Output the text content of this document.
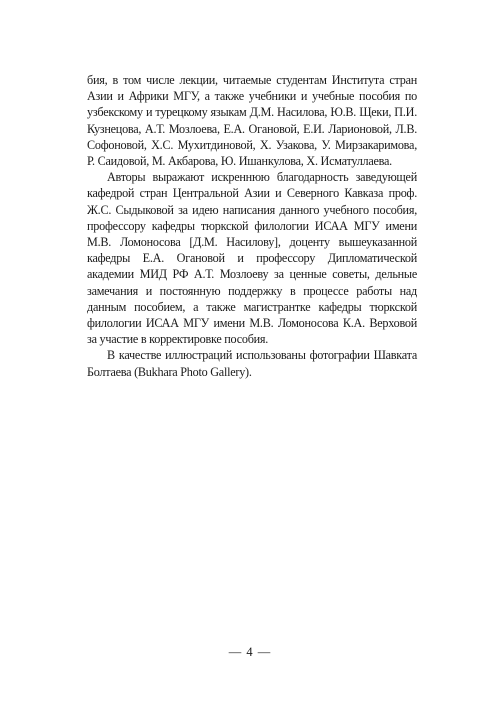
бия, в том числе лекции, читаемые студентам Института стран Азии и Африки МГУ, а также учебники и учебные пособия по узбекскому и турецкому языкам Д.М. Насилова, Ю.В. Щеки, П.И. Кузнецова, А.Т. Мозлоева, Е.А. Огановой, Е.И. Ларионовой, Л.В. Софоновой, Х.С. Мухитдиновой, Х. Узакова, У. Мирзакаримова, Р. Саидовой, М. Акбарова, Ю. Ишанкулова, Х. Исматуллаева.

Авторы выражают искреннюю благодарность заведующей кафедрой стран Центральной Азии и Северного Кавказа проф. Ж.С. Сыдыковой за идею написания данного учебного пособия, профессору кафедры тюркской филологии ИСАА МГУ имени М.В. Ломоносова [Д.М. Насилову], доценту вышеуказанной кафедры Е.А. Огановой и профессору Дипломатической академии МИД РФ А.Т. Мозлоеву за ценные советы, дельные замечания и постоянную поддержку в процессе работы над данным пособием, а также магистрантке кафедры тюркской филологии ИСАА МГУ имени М.В. Ломоносова К.А. Верховой за участие в корректировке пособия.

В качестве иллюстраций использованы фотографии Шавката Болтаева (Bukhara Photo Gallery).

— 4 —
